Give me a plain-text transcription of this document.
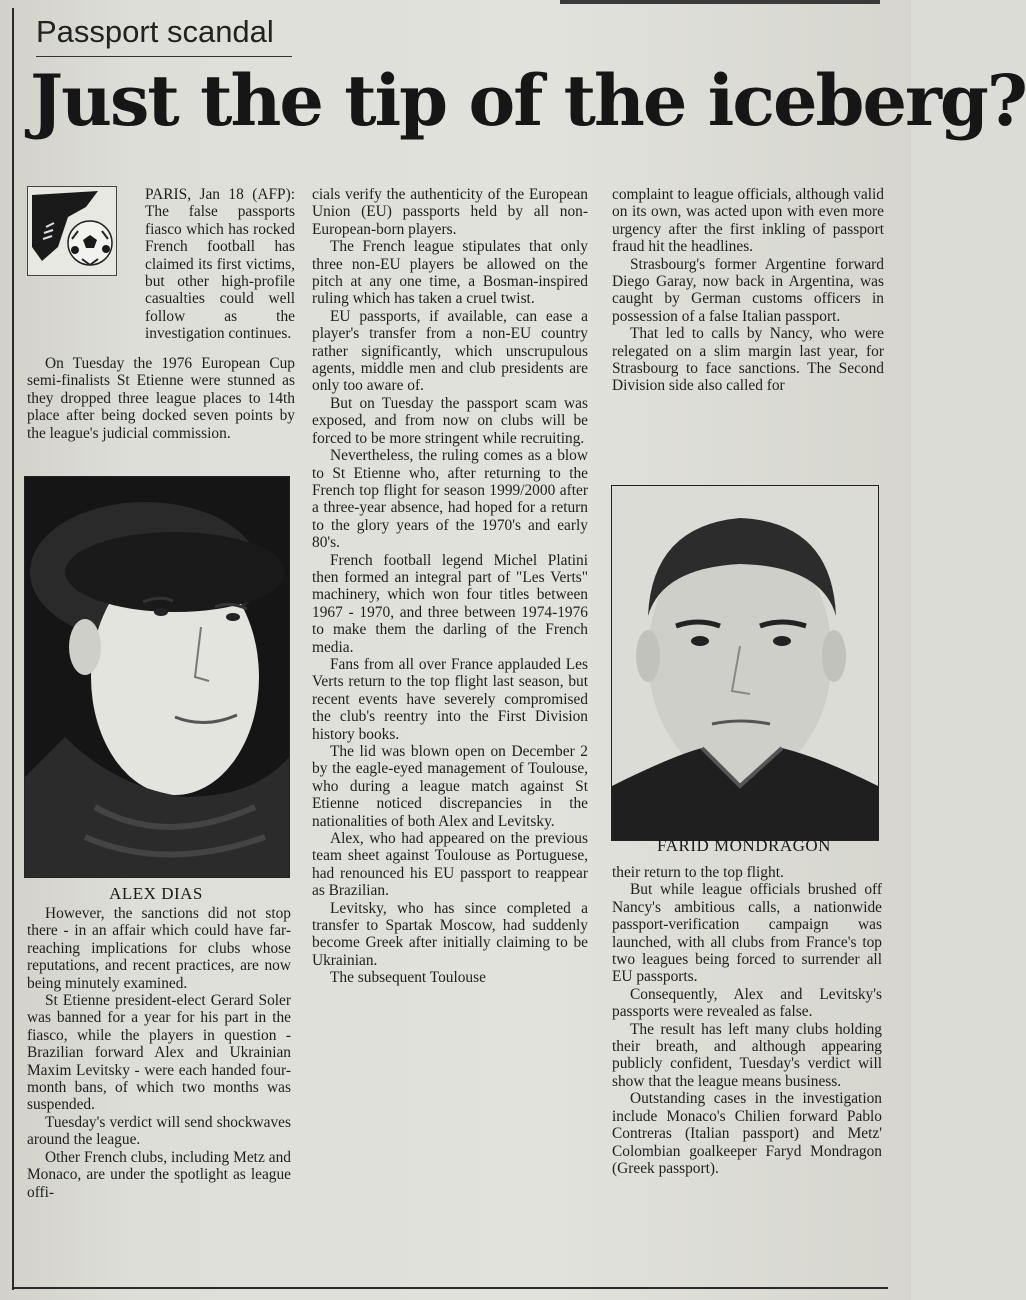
Passport scandal
Just the tip of the iceberg?

PARIS, Jan 18 (AFP): The false passports fiasco which has rocked French football has claimed its first victims, but other high-profile casualties could well follow as the investigation continues.

On Tuesday the 1976 European Cup semi-finalists St Etienne were stunned as they dropped three league places to 14th place after being docked seven points by the league's judicial commission.

ALEX DIAS

However, the sanctions did not stop there - in an affair which could have far-reaching implications for clubs whose reputations, and recent practices, are now being minutely examined.

St Etienne president-elect Gerard Soler was banned for a year for his part in the fiasco, while the players in question - Brazilian forward Alex and Ukrainian Maxim Levitsky - were each handed four-month bans, of which two months was suspended.

Tuesday's verdict will send shockwaves around the league.

Other French clubs, including Metz and Monaco, are under the spotlight as league offi-

cials verify the authenticity of the European Union (EU) passports held by all non-European-born players.

The French league stipulates that only three non-EU players be allowed on the pitch at any one time, a Bosman-inspired ruling which has taken a cruel twist.

EU passports, if available, can ease a player's transfer from a non-EU country rather significantly, which unscrupulous agents, middle men and club presidents are only too aware of.

But on Tuesday the passport scam was exposed, and from now on clubs will be forced to be more stringent while recruiting.

Nevertheless, the ruling comes as a blow to St Etienne who, after returning to the French top flight for season 1999/2000 after a three-year absence, had hoped for a return to the glory years of the 1970's and early 80's.

French football legend Michel Platini then formed an integral part of "Les Verts" machinery, which won four titles between 1967 - 1970, and three between 1974-1976 to make them the darling of the French media.

Fans from all over France applauded Les Verts return to the top flight last season, but recent events have severely compromised the club's reentry into the First Division history books.

The lid was blown open on December 2 by the eagle-eyed management of Toulouse, who during a league match against St Etienne noticed discrepancies in the nationalities of both Alex and Levitsky.

Alex, who had appeared on the previous team sheet against Toulouse as Portuguese, had renounced his EU passport to reappear as Brazilian.

Levitsky, who has since completed a transfer to Spartak Moscow, had suddenly become Greek after initially claiming to be Ukrainian.

The subsequent Toulouse

complaint to league officials, although valid on its own, was acted upon with even more urgency after the first inkling of passport fraud hit the headlines.

Strasbourg's former Argentine forward Diego Garay, now back in Argentina, was caught by German customs officers in possession of a false Italian passport.

That led to calls by Nancy, who were relegated on a slim margin last year, for Strasbourg to face sanctions. The Second Division side also called for

FARID MONDRAGON

their return to the top flight.

But while league officials brushed off Nancy's ambitious calls, a nationwide passport-verification campaign was launched, with all clubs from France's top two leagues being forced to surrender all EU passports.

Consequently, Alex and Levitsky's passports were revealed as false.

The result has left many clubs holding their breath, and although appearing publicly confident, Tuesday's verdict will show that the league means business.

Outstanding cases in the investigation include Monaco's Chilien forward Pablo Contreras (Italian passport) and Metz' Colombian goalkeeper Faryd Mondragon (Greek passport).
